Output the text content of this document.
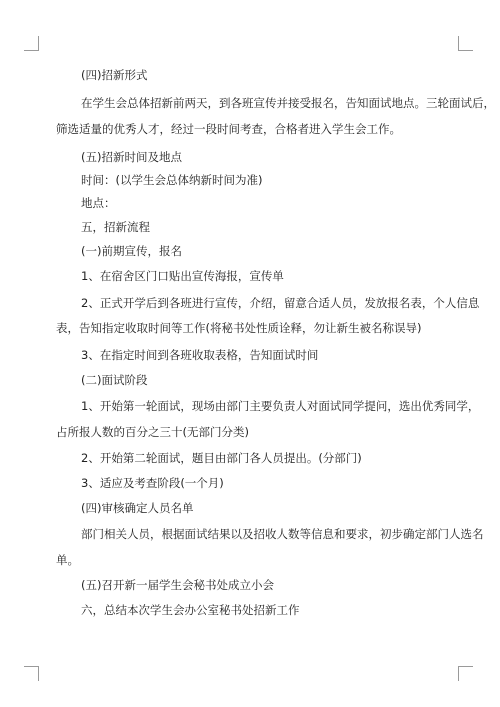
(四)招新形式
在学生会总体招新前两天，到各班宣传并接受报名，告知面试地点。三轮面试后，
筛选适量的优秀人才，经过一段时间考查，合格者进入学生会工作。
(五)招新时间及地点
时间：(以学生会总体纳新时间为准)
地点：
五，招新流程
(一)前期宣传，报名
1、在宿舍区门口贴出宣传海报，宣传单
2、正式开学后到各班进行宣传，介绍，留意合适人员，发放报名表，个人信息
表，告知指定收取时间等工作(将秘书处性质诠释，勿让新生被名称误导)
3、在指定时间到各班收取表格，告知面试时间
(二)面试阶段
1、开始第一轮面试，现场由部门主要负责人对面试同学提问，选出优秀同学，
占所报人数的百分之三十(无部门分类)
2、开始第二轮面试，题目由部门各人员提出。(分部门)
3、适应及考查阶段(一个月)
(四)审核确定人员名单
部门相关人员，根据面试结果以及招收人数等信息和要求，初步确定部门人选名
单。
(五)召开新一届学生会秘书处成立小会
六，总结本次学生会办公室秘书处招新工作
